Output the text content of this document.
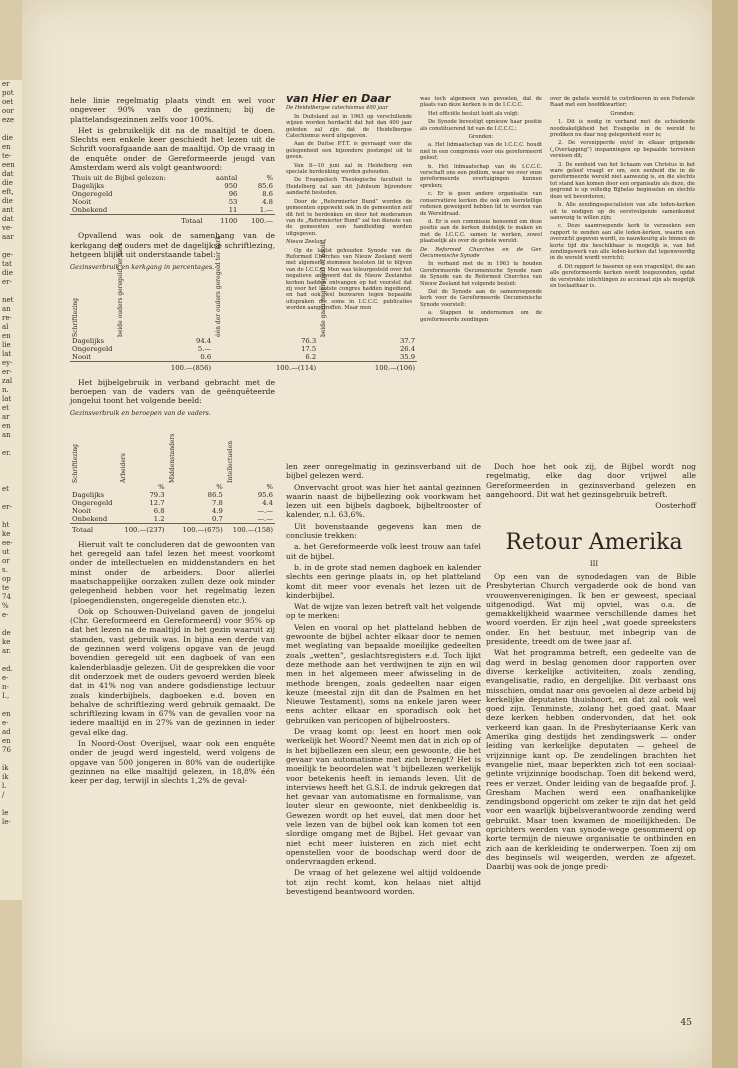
er
pot
oet
oor
eze

die
en
te-
een
dat
die
eft,
die
ant
dat
ve-
aar

ge-
tat
die
er-

net
an
re-
al
en
lie
lat
ey-
er-
zal
n.
lat
et
ar
en
an

er.

et

er-

ht
ke
ee-
ut
or
s.
op
te
74
%
e-

de
ke
ar.

ed.
e-
n-
I.,

en
e-
ad
en
76

ik
ik
l.
/

le
le-

hele linie regelmatig plaats vindt en wel voor ongeveer 90% van de gezinnen; bij de plattelandsgezinnen zelfs voor 100%.

Het is gebruikelijk dit na de maaltijd te doen. Slechts een enkele keer geschiedt het lezen uit de Schrift voorafgaande aan de maaltijd. Op de vraag in de enquête onder de Gereformeerde jeugd van Amsterdam werd als volgt geantwoord:

Thuis uit de Bijbel gelezen:	aantal	%
Dagelijks	950	85.6
Ongeregeld	96	8.6
Nooit	53	4.8
Onbekend	11	1.—
Totaal	1100	100.—

Opvallend was ook de samenhang van de kerkgang der ouders met de dagelijkse schriftlezing, hetgeen blijkt uit onderstaande tabel:

Gezinsverbruik en kerkgang in percentages.

Schriftlezing	beide ouders geregeld ter kerk	één der ouders geregeld ter kerk	beide gaan ongeregeld of nooit
Dagelijks	94.4	76.3	37.7
Ongeregeld	5.—	17.5	26.4
Nooit	0.6	6.2	35.9
	100.—(856)	100.—(114)	100.—(106)

Het bijbelgebruik in verband gebracht met de beroepen van de vaders van de geënquêteerde jongelui toont het volgende beeld:

Gezinsverbruik en beroepen van de vaders.

Schriftlezing	Arbeiders	Middenstanders	Intellectuelen
	%	%	%
Dagelijks	79.3	86.5	95.6
Ongeregeld	12.7	7.8	4.4
Nooit	6.8	4.9	—.—
Onbekend	1.2	0.7	—.—
Totaal	100.—(237)	100.—(675)	100.—(158)

Hieruit valt te concluderen dat de gewoonten van het geregeld aan tafel lezen het meest voorkomt onder de intellectuelen en middenstanders en het minst onder de arbeiders. Door allerlei maatschappelijke oorzaken zullen deze ook minder gelegenheid hebben voor het regelmatig lezen (ploegendiensten, ongeregelde diensten etc.).

Ook op Schouwen-Duiveland gaven de jongelui (Chr. Gereformeerd en Gereformeerd) voor 95% op dat het lezen na de maaltijd in het gezin waaruit zij stamden, vast gebruik was. In bijna een derde van de gezinnen werd volgens opgave van de jeugd bovendien geregeld uit een dagboek of van een kalenderblaadje gelezen. Uit de gesprekken die voor dit onderzoek met de ouders gevoerd werden bleek dat in 41% nog van andere godsdienstige lectuur zoals kinderbijbels, dagboeken e.d. boven en behalve de schriftlezing werd gebruik gemaakt. De schriftlezing kwam in 67% van de gevallen voor na iedere maaltijd en in 27% van de gezinnen in ieder geval elke dag.

In Noord-Oost Overijsel, waar ook een enquête onder de jeugd werd ingesteld, werd volgens de opgave van 500 jongeren in 80% van de ouderlijke gezinnen na elke maaltijd gelezen, in 18,8% één keer per dag, terwijl in slechts 1,2% de geval-

van Hier en Daar

De Heidelbergse catechismus 400 jaar

In Duitsland zal in 1963 op verschillende wijzen worden herdacht dat het dan 400 jaar geleden zal zijn dat de Heidelbergse Catechismus werd uitgegeven.

Aan de Duitse P.T.T. is gevraagd voor die gelegenheid een bijzondere postzegel uit te geven.

Van 8—10 juni zal in Heidelberg een speciale herdenking worden gehouden.

De Evangelisch Theologische faculteit te Heidelberg zal aan dit Jubileum bijzondere aandacht besteden.

Door de „Reformierter Bund” worden de gemeenten opgewekt ook in de gemeenten zelf dit feit te herdenken en door het moderamen van de „Reformierter Bund” zal ten dienste van de gemeenten een handleiding worden uitgegeven.

Nieuw Zeeland

Op de laatst gehouden Synode van de Reformed Churches van Nieuw Zeeland werd met algemene stemmen besloten lid te blijven van de I.C.C.C. Men was teleurgesteld over het negatieve antwoord dat de Nieuw Zeelandse kerken hadden ontvangen op het voorstel dat zij voor het laatste congres hadden ingediend, en had ook wel bezwaren tegen bepaalde uitspraken die soms in I.C.C.C. publicaties worden aangetroffen. Maar men

was toch algemeen van gevoelen, dat de plaats van deze kerken is in de I.C.C.C.

Het officiële besluit luidt als volgt:

De Synode bevestigt opnieuw haar positie als constituerend lid van de I.C.C.C.;

Gronden:

a. Het lidmaatschap van de I.C.C.C. houdt niet in een compromis voor ons gereformeerd geloof;

b. Het lidmaatschap van de I.C.C.C. verschaft ons een podium, waar we over onze gereformeerde overtuigingen kunnen spreken;

c. Er is geen andere organisatie van conservatieve kerken die ook om leerstellige redenen geweigerd hebben lid te worden van de Wereldraad.

d. Er is een commissie benoemd om deze positie aan de kerken duidelijk te maken en met de I.C.C.C. samen te werken, zowel plaatselijk als over de gehele wereld.

De Reformed Churches en de Ger. Oecumenische Synode

In verband met de in 1963 te houden Gereformeerde Oecumenische Synode nam de Synode van de Reformed Churches van Nieuw Zeeland het volgende besluit:

Dat de Synode aan de samenroepende kerk voor de Gereformeerde Oecumenische Synode voorstelt:

a. Stappen te ondernemen om de gereformeerde zendingen

over de gehele wereld te coördineren in een Federale Raad met een hoofdkwartier;

Gronden:

1. Dit is nodig in verband met de echiedende noodzakelijkheid het Evangelie in de wereld te prediken nu daar nog gelegenheid voor is;

2. De versnipperde en/of in elkaar grijpende („Overlapping”) inspanningen op bepaalde terreinen vereisen dit;

3. De eenheid van het lichaam van Christus in het ware geloof vraagt er om, een eenheid die in de gereformeerde wereld niet aanwezig is, en die slechts tot stand kan komen door een organisatie als deze, die gegrond is op volledig Bijbelse beginselen en slechts deze wil bevorderen;

b. Alle zendingsspecialisten van alle leden-kerken uit te nodigen op de eerstvolgende samenkomst aanwezig te willen zijn;

c. Deze saamroepende kerk te verzoeken een rapport te zenden aan alle leden-kerken, waarin een overzicht gegeven wordt, zo nauwkeurig als binnen de korte tijd die beschikbaar is mogelijk is, van het zendingswerk van alle leden-kerken dat tegenwoordig in de wereld wordt verricht;

d. Dit rapport te baseren op een vragenlijst, die aan alle gereformeerde kerken wordt toegezonden, opdat de verstrekte inlichtingen zo accuraat zijn als mogelijk en toelaatbaar is.

len zeer onregelmatig in gezinsverband uit de bijbel gelezen werd.

Onvervacht groot was hier het aantal gezinnen waarin naast de bijbellezing ook voorkwam het lezen uit een bijbels dagboek, bijbeltrooster of kalender, n.l. 63,6%.

Uit bovenstaande gegevens kan men de conclusie trekken:

a. het Gereformeerde volk leest trouw aan tafel uit de bijbel.

b. in de grote stad nemen dagboek en kalender slechts een geringe plaats in, op het platteland komt dit meer voor evenals het lezen uit de kinderbijbel.

Wat de wijze van lezen betreft valt het volgende op te merken:

Velen en vooral op het platteland hebben de gewoonte de bijbel achter elkaar door te nemen met weglating van bepaalde moeilijke gedeelten zoals „wetten”, geslachtsregisters e.d. Toch lijkt deze methode aan het verdwijnen te zijn en wil men in het algemeen meer afwisseling in de methode brengen, zoals gedeelten naar eigen keuze (meestal zijn dit dan de Psalmen en het Nieuwe Testament), soms na enkele jaren weer eens achter elkaar en sporadisch ook het gebruiken van pericopen of bijbelroosters.

De vraag komt op: leest en hoort men ook werkelijk het Woord? Neemt men dat in zich op of is het bijbellezen een sleur, een gewoonte, die het gevaar van automatisme met zich brengt? Het is moeilijk te beoordelen wat 't bijbellezen werkelijk voor betekenis heeft in iemands leven. Uit de interviews heeft het G.S.I. de indruk gekregen dat het gevaar van automatisme en formalisme, van louter sleur en gewoonte, niet denkbeeldig is. Gewezen wordt op het euvel, dat men door het vele lezen van de bijbel ook kan komen tot een slordige omgang met de Bijbel. Het gevaar van niet echt meer luisteren en zich niet echt openstellen voor de boodschap werd door de ondervraagden erkend.

De vraag of het gelezene wel altijd voldoende tot zijn recht komt, kon helaas niet altijd bevestigend beantwoord worden.

Doch hoe het ook zij, de Bijbel wordt nog regelmatig, elke dag door vrijwel alle Gereformeerden in gezinsverband gelezen en aangehoord. Dit wat het gezinsgebruik betreft.

Oosterhoff

Retour Amerika
III

Op een van de synodedagen van de Bible Presbyterian Church vergaderde ook de bond van vrouwenverenigingen. Ik ben er geweest, speciaal uitgenodigd. Wat mij opviel, was o.a. de gemakkelijkheid waarmee verschillende dames het woord voerden. Er zijn heel „wat goede spreeksters onder. En het bestuur, met inbegrip van de presidente, treedt om de twee jaar af.

Wat het programma betreft, een gedeelte van de dag werd in beslag genomen door rapporten over diverse kerkelijke activiteiten, zoals zending, evangelisatie, radio, en dergelijke. Dit verbaast ons misschien, omdat naar ons gevoelen al deze arbeid bij kerkelijke deputaten thuishoort, en dat zal ook wel goed zijn. Tenminste, zolang het goed gaat. Maar deze kerken hebben ondervonden, dat het ook verkeerd kan gaan. In de Presbyteriaanse Kerk van Amerika ging destijds het zendingswerk — onder leiding van kerkelijke deputaten — geheel de vrijzinnige kant op. De zendelingen brachten het evangelie niet, maar beperkten zich tot een sociaal-getinte vrijzinnige boodschap. Toen dit bekend werd, rees er verzet. Onder leiding van de begaafde prof. J. Gresham Machen werd een onafhankelijke zendingsbond opgericht om zeker te zijn dat het geld voor een waarlijk bijbelsverantwoorde zending werd gebruikt. Maar toen kwamen de moeilijkheden. De oprichters werden van synode-wege gesommeerd op korte termijn de nieuwe organisatie te ontbinden en zich aan de kerkleiding te onderwerpen. Toen zij om des beginsels wil weigerden, werden ze afgezet. Daarbij was ook de jonge predi-

45
